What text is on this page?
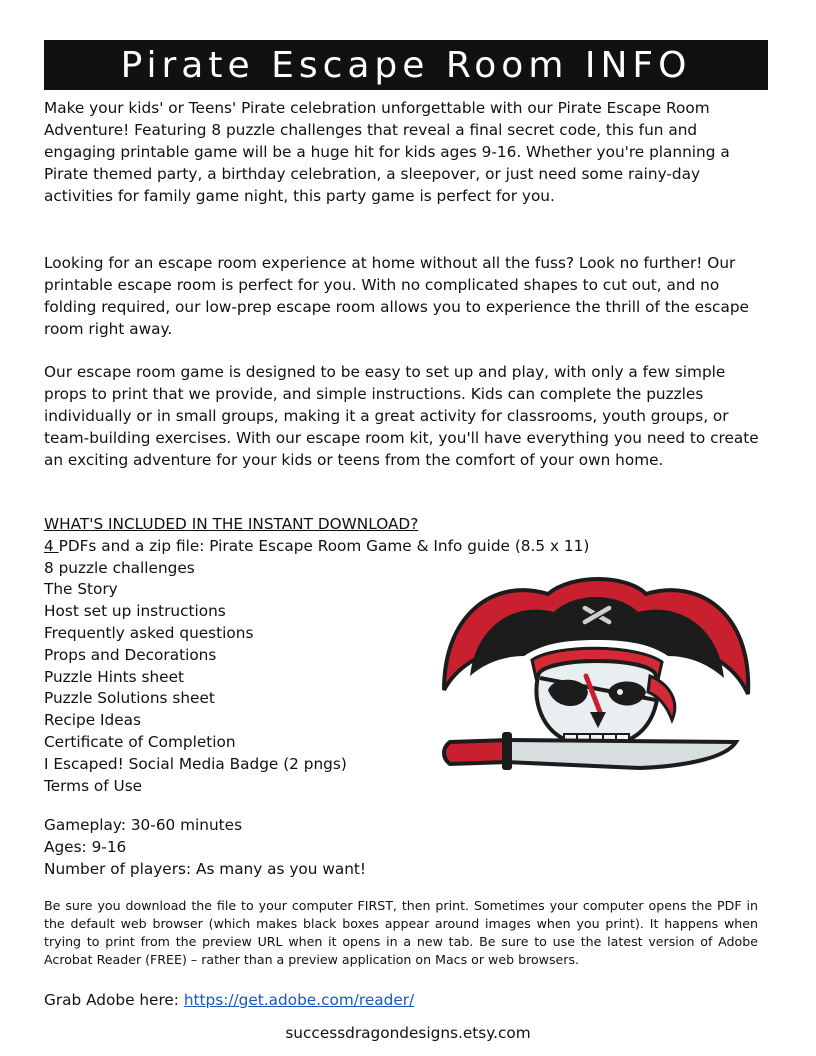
Pirate Escape Room INFO

Make your kids' or Teens' Pirate celebration unforgettable with our Pirate Escape Room Adventure! Featuring 8 puzzle challenges that reveal a final secret code, this fun and engaging printable game will be a huge hit for kids ages 9-16. Whether you're planning a Pirate themed party, a birthday celebration, a sleepover, or just need some rainy-day activities for family game night, this party game is perfect for you.

Looking for an escape room experience at home without all the fuss? Look no further! Our printable escape room is perfect for you. With no complicated shapes to cut out, and no folding required, our low-prep escape room allows you to experience the thrill of the escape room right away.

Our escape room game is designed to be easy to set up and play, with only a few simple props to print that we provide, and simple instructions. Kids can complete the puzzles individually or in small groups, making it a great activity for classrooms, youth groups, or team-building exercises. With our escape room kit, you'll have everything you need to create an exciting adventure for your kids or teens from the comfort of your own home.

WHAT'S INCLUDED IN THE INSTANT DOWNLOAD?
4 PDFs and a zip file: Pirate Escape Room Game & Info guide (8.5 x 11)
8 puzzle challenges
The Story
Host set up instructions
Frequently asked questions
Props and Decorations
Puzzle Hints sheet
Puzzle Solutions sheet
Recipe Ideas
Certificate of Completion
I Escaped! Social Media Badge (2 pngs)
Terms of Use
Gameplay: 30-60 minutes
Ages: 9-16
Number of players: As many as you want!

Be sure you download the file to your computer FIRST, then print. Sometimes your computer opens the PDF in the default web browser (which makes black boxes appear around images when you print). It happens when trying to print from the preview URL when it opens in a new tab. Be sure to use the latest version of Adobe Acrobat Reader (FREE) – rather than a preview application on Macs or web browsers.

Grab Adobe here: https://get.adobe.com/reader/
successdragondesigns.etsy.com
